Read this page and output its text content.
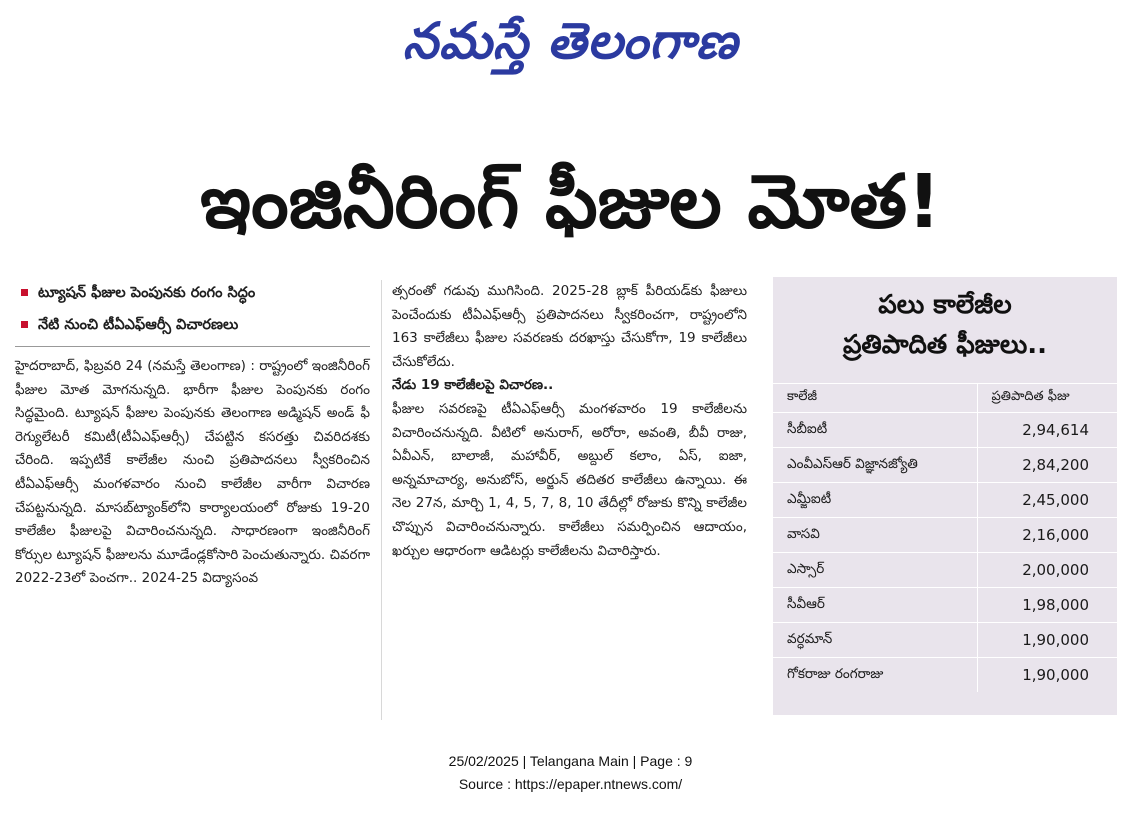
నమస్తే తెలంగాణ
ఇంజినీరింగ్ ఫీజుల మోత!
ట్యూషన్ ఫీజుల పెంపునకు రంగం సిద్ధం
నేటి నుంచి టీఏఎఫ్ఆర్సీ విచారణలు

హైదరాబాద్, ఫిబ్రవరి 24 (నమస్తే తెలంగాణ) : రాష్ట్రంలో ఇంజినీరింగ్ ఫీజుల మోత మోగనున్నది. భారీగా ఫీజుల పెంపునకు రంగం సిద్ధమైంది. ట్యూషన్ ఫీజుల పెంపునకు తెలంగాణ అడ్మిషన్ అండ్ ఫీ రెగ్యులేటరీ కమిటీ(టీఏఎఫ్ఆర్సీ) చేపట్టిన కసరత్తు చివరిదశకు చేరింది. ఇప్పటికే కాలేజీల నుంచి ప్రతిపాదనలు స్వీకరించిన టీఏఎఫ్ఆర్సీ మంగళవారం నుంచి కాలేజీల వారీగా విచారణ చేపట్టనున్నది. మాసబ్‌ట్యాంక్‌లోని కార్యాలయంలో రోజుకు 19-20 కాలేజీల ఫీజులపై విచారించనున్నది. సాధారణంగా ఇంజినీరింగ్ కోర్సుల ట్యూషన్ ఫీజులను మూడేండ్లకోసారి పెంచుతున్నారు. చివరగా 2022-23లో పెంచగా.. 2024-25 విద్యాసంవ

త్సరంతో గడువు ముగిసింది. 2025-28 బ్లాక్ పీరియడ్‌కు ఫీజులు పెంచేందుకు టీఏఎఫ్ఆర్సీ ప్రతిపాదనలు స్వీకరించగా, రాష్ట్రంలోని 163 కాలేజీలు ఫీజుల సవరణకు దరఖాస్తు చేసుకోగా, 19 కాలేజీలు చేసుకోలేదు.

నేడు 19 కాలేజీలపై విచారణ..

ఫీజుల సవరణపై టీఏఎఫ్ఆర్సీ మంగళవారం 19 కాలేజీలను విచారించనున్నది. వీటిలో అనురాగ్, అరోరా, అవంతి, బీవీ రాజు, ఏవీఎన్, బాలాజీ, మహావీర్, అబ్దుల్ కలాం, ఏస్, ఐజా, అన్నమాచార్య, అనుబోస్, అర్జున్ తదితర కాలేజీలు ఉన్నాయి. ఈ నెల 27న, మార్చి 1, 4, 5, 7, 8, 10 తేదీల్లో రోజుకు కొన్ని కాలేజీల చొప్పున విచారించనున్నారు. కాలేజీలు సమర్పించిన ఆదాయం, ఖర్చుల ఆధారంగా ఆడిటర్లు కాలేజీలను విచారిస్తారు.

పలు కాలేజీల
ప్రతిపాదిత ఫీజులు..
కాలేజీ	ప్రతిపాదిత ఫీజు
సీబీఐటీ	2,94,614
ఎంవీఎస్ఆర్ విజ్ఞానజ్యోతి	2,84,200
ఎమ్జీఐటీ	2,45,000
వాసవి	2,16,000
ఎస్సార్	2,00,000
సీవీఆర్	1,98,000
వర్ధమాన్	1,90,000
గోకరాజు రంగరాజు	1,90,000
25/02/2025 | Telangana Main | Page : 9
Source : https://epaper.ntnews.com/
